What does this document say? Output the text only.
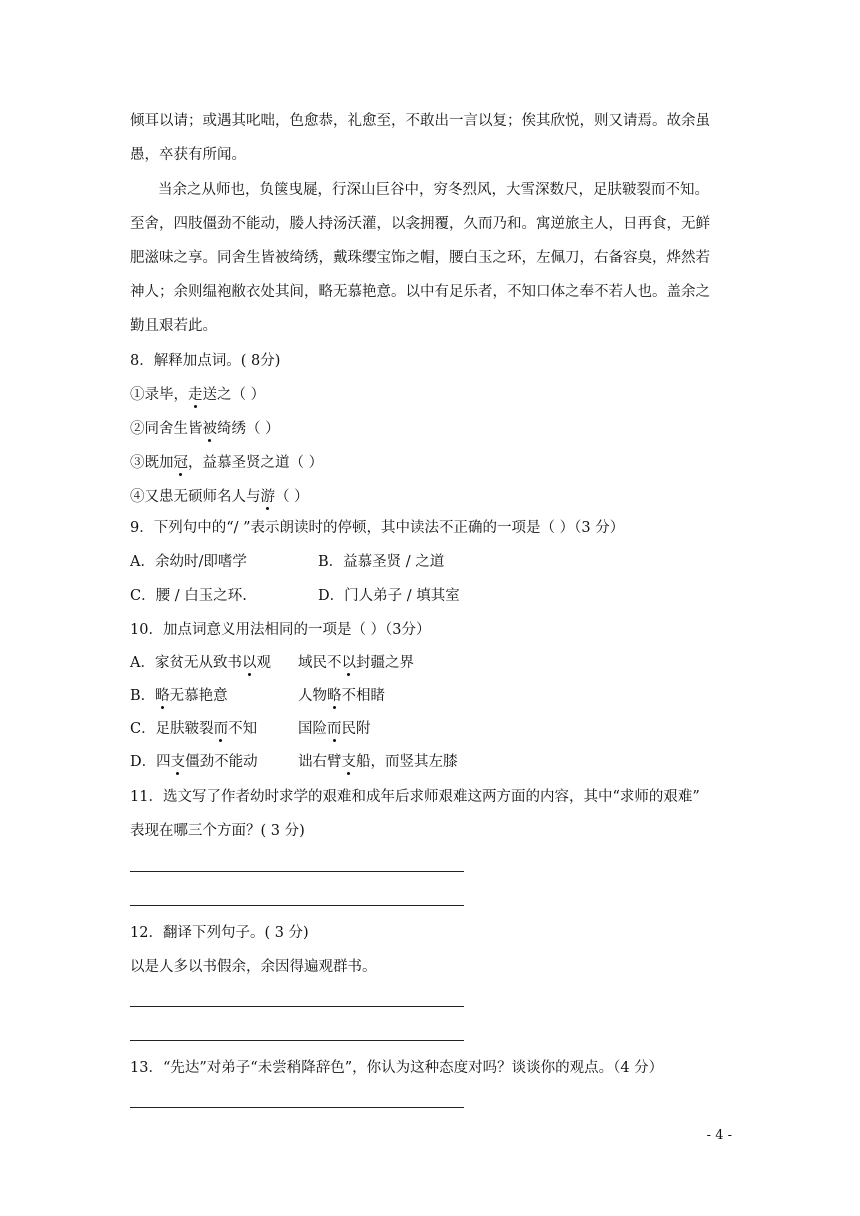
倾耳以请；或遇其叱咄，色愈恭，礼愈至，不敢出一言以复；俟其欣悦，则又请焉。故余虽
愚，卒获有所闻。
当余之从师也，负箧曳屣，行深山巨谷中，穷冬烈风，大雪深数尺，足肤皲裂而不知。
至舍，四肢僵劲不能动，媵人持汤沃灌，以衾拥覆，久而乃和。寓逆旅主人，日再食，无鲜
肥滋味之享。同舍生皆被绮绣，戴珠缨宝饰之帽，腰白玉之环，左佩刀，右备容臭，烨然若
神人；余则缊袍敝衣处其间，略无慕艳意。以中有足乐者，不知口体之奉不若人也。盖余之
勤且艰若此。
8．解释加点词。( 8分)
①录毕，走送之（ ）
②同舍生皆被绮绣（ ）
③既加冠，益慕圣贤之道（ ）
④又患无硕师名人与游（ ）
9．下列句中的“/ ”表示朗读时的停顿，其中读法不正确的一项是（ ）（3 分）
A．余幼时/即嗜学	B．益慕圣贤 / 之道
C．腰 / 白玉之环.	D．门人弟子 / 填其室
10．加点词意义用法相同的一项是（ ）（3分）
A．家贫无从致书以观 域民不以封疆之界
B．略无慕艳意	人物略不相睹
C．足肤皲裂而不知	国险而民附
D．四支僵劲不能动	诎右臂支船，而竖其左膝
11．选文写了作者幼时求学的艰难和成年后求师艰难这两方面的内容，其中“求师的艰难”
表现在哪三个方面？( 3 分)
12．翻译下列句子。( 3 分)
以是人多以书假余，余因得遍观群书。
13．“先达”对弟子“未尝稍降辞色”，你认为这种态度对吗？谈谈你的观点。（4 分）
- 4 -
